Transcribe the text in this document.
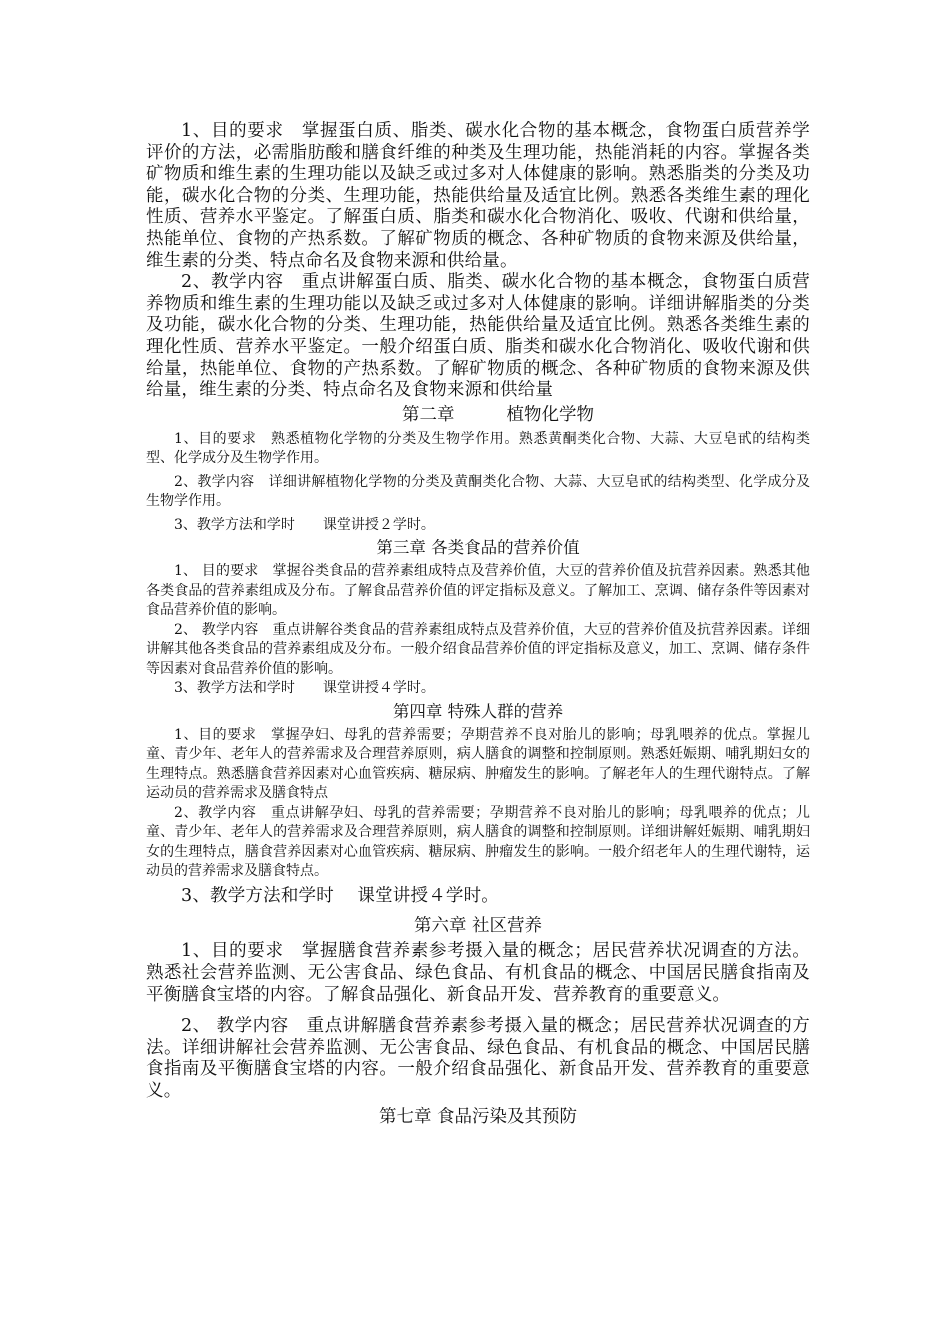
1、目的要求　掌握蛋白质、脂类、碳水化合物的基本概念，食物蛋白质营养学评价的方法，必需脂肪酸和膳食纤维的种类及生理功能，热能消耗的内容。掌握各类矿物质和维生素的生理功能以及缺乏或过多对人体健康的影响。熟悉脂类的分类及功能，碳水化合物的分类、生理功能，热能供给量及适宜比例。熟悉各类维生素的理化性质、营养水平鉴定。了解蛋白质、脂类和碳水化合物消化、吸收、代谢和供给量，热能单位、食物的产热系数。了解矿物质的概念、各种矿物质的食物来源及供给量，维生素的分类、特点命名及食物来源和供给量。

2、教学内容　重点讲解蛋白质、脂类、碳水化合物的基本概念，食物蛋白质营养物质和维生素的生理功能以及缺乏或过多对人体健康的影响。详细讲解脂类的分类及功能，碳水化合物的分类、生理功能，热能供给量及适宜比例。熟悉各类维生素的理化性质、营养水平鉴定。一般介绍蛋白质、脂类和碳水化合物消化、吸收代谢和供给量，热能单位、食物的产热系数。了解矿物质的概念、各种矿物质的食物来源及供给量，维生素的分类、特点命名及食物来源和供给量

第二章	植物化学物

1、目的要求　熟悉植物化学物的分类及生物学作用。熟悉黄酮类化合物、大蒜、大豆皂甙的结构类型、化学成分及生物学作用。

2、教学内容　详细讲解植物化学物的分类及黄酮类化合物、大蒜、大豆皂甙的结构类型、化学成分及生物学作用。

3、教学方法和学时　　课堂讲授２学时。

第三章 各类食品的营养价值

1、 目的要求　掌握谷类食品的营养素组成特点及营养价值，大豆的营养价值及抗营养因素。熟悉其他各类食品的营养素组成及分布。了解食品营养价值的评定指标及意义。了解加工、烹调、储存条件等因素对食品营养价值的影响。

2、 教学内容　重点讲解谷类食品的营养素组成特点及营养价值，大豆的营养价值及抗营养因素。详细讲解其他各类食品的营养素组成及分布。一般介绍食品营养价值的评定指标及意义，加工、烹调、储存条件等因素对食品营养价值的影响。

3、教学方法和学时　　课堂讲授４学时。

第四章 特殊人群的营养

1、目的要求　掌握孕妇、母乳的营养需要；孕期营养不良对胎儿的影响；母乳喂养的优点。掌握儿童、青少年、老年人的营养需求及合理营养原则，病人膳食的调整和控制原则。熟悉妊娠期、哺乳期妇女的生理特点。熟悉膳食营养因素对心血管疾病、糖尿病、肿瘤发生的影响。了解老年人的生理代谢特点。了解运动员的营养需求及膳食特点

2、教学内容　重点讲解孕妇、母乳的营养需要；孕期营养不良对胎儿的影响；母乳喂养的优点；儿童、青少年、老年人的营养需求及合理营养原则，病人膳食的调整和控制原则。详细讲解妊娠期、哺乳期妇女的生理特点，膳食营养因素对心血管疾病、糖尿病、肿瘤发生的影响。一般介绍老年人的生理代谢特，运动员的营养需求及膳食特点。

3、教学方法和学时　 课堂讲授４学时。

第六章 社区营养

1、目的要求　掌握膳食营养素参考摄入量的概念；居民营养状况调查的方法。熟悉社会营养监测、无公害食品、绿色食品、有机食品的概念、中国居民膳食指南及平衡膳食宝塔的内容。了解食品强化、新食品开发、营养教育的重要意义。

2、 教学内容　重点讲解膳食营养素参考摄入量的概念；居民营养状况调查的方法。详细讲解社会营养监测、无公害食品、绿色食品、有机食品的概念、中国居民膳食指南及平衡膳食宝塔的内容。一般介绍食品强化、新食品开发、营养教育的重要意义。

第七章 食品污染及其预防
